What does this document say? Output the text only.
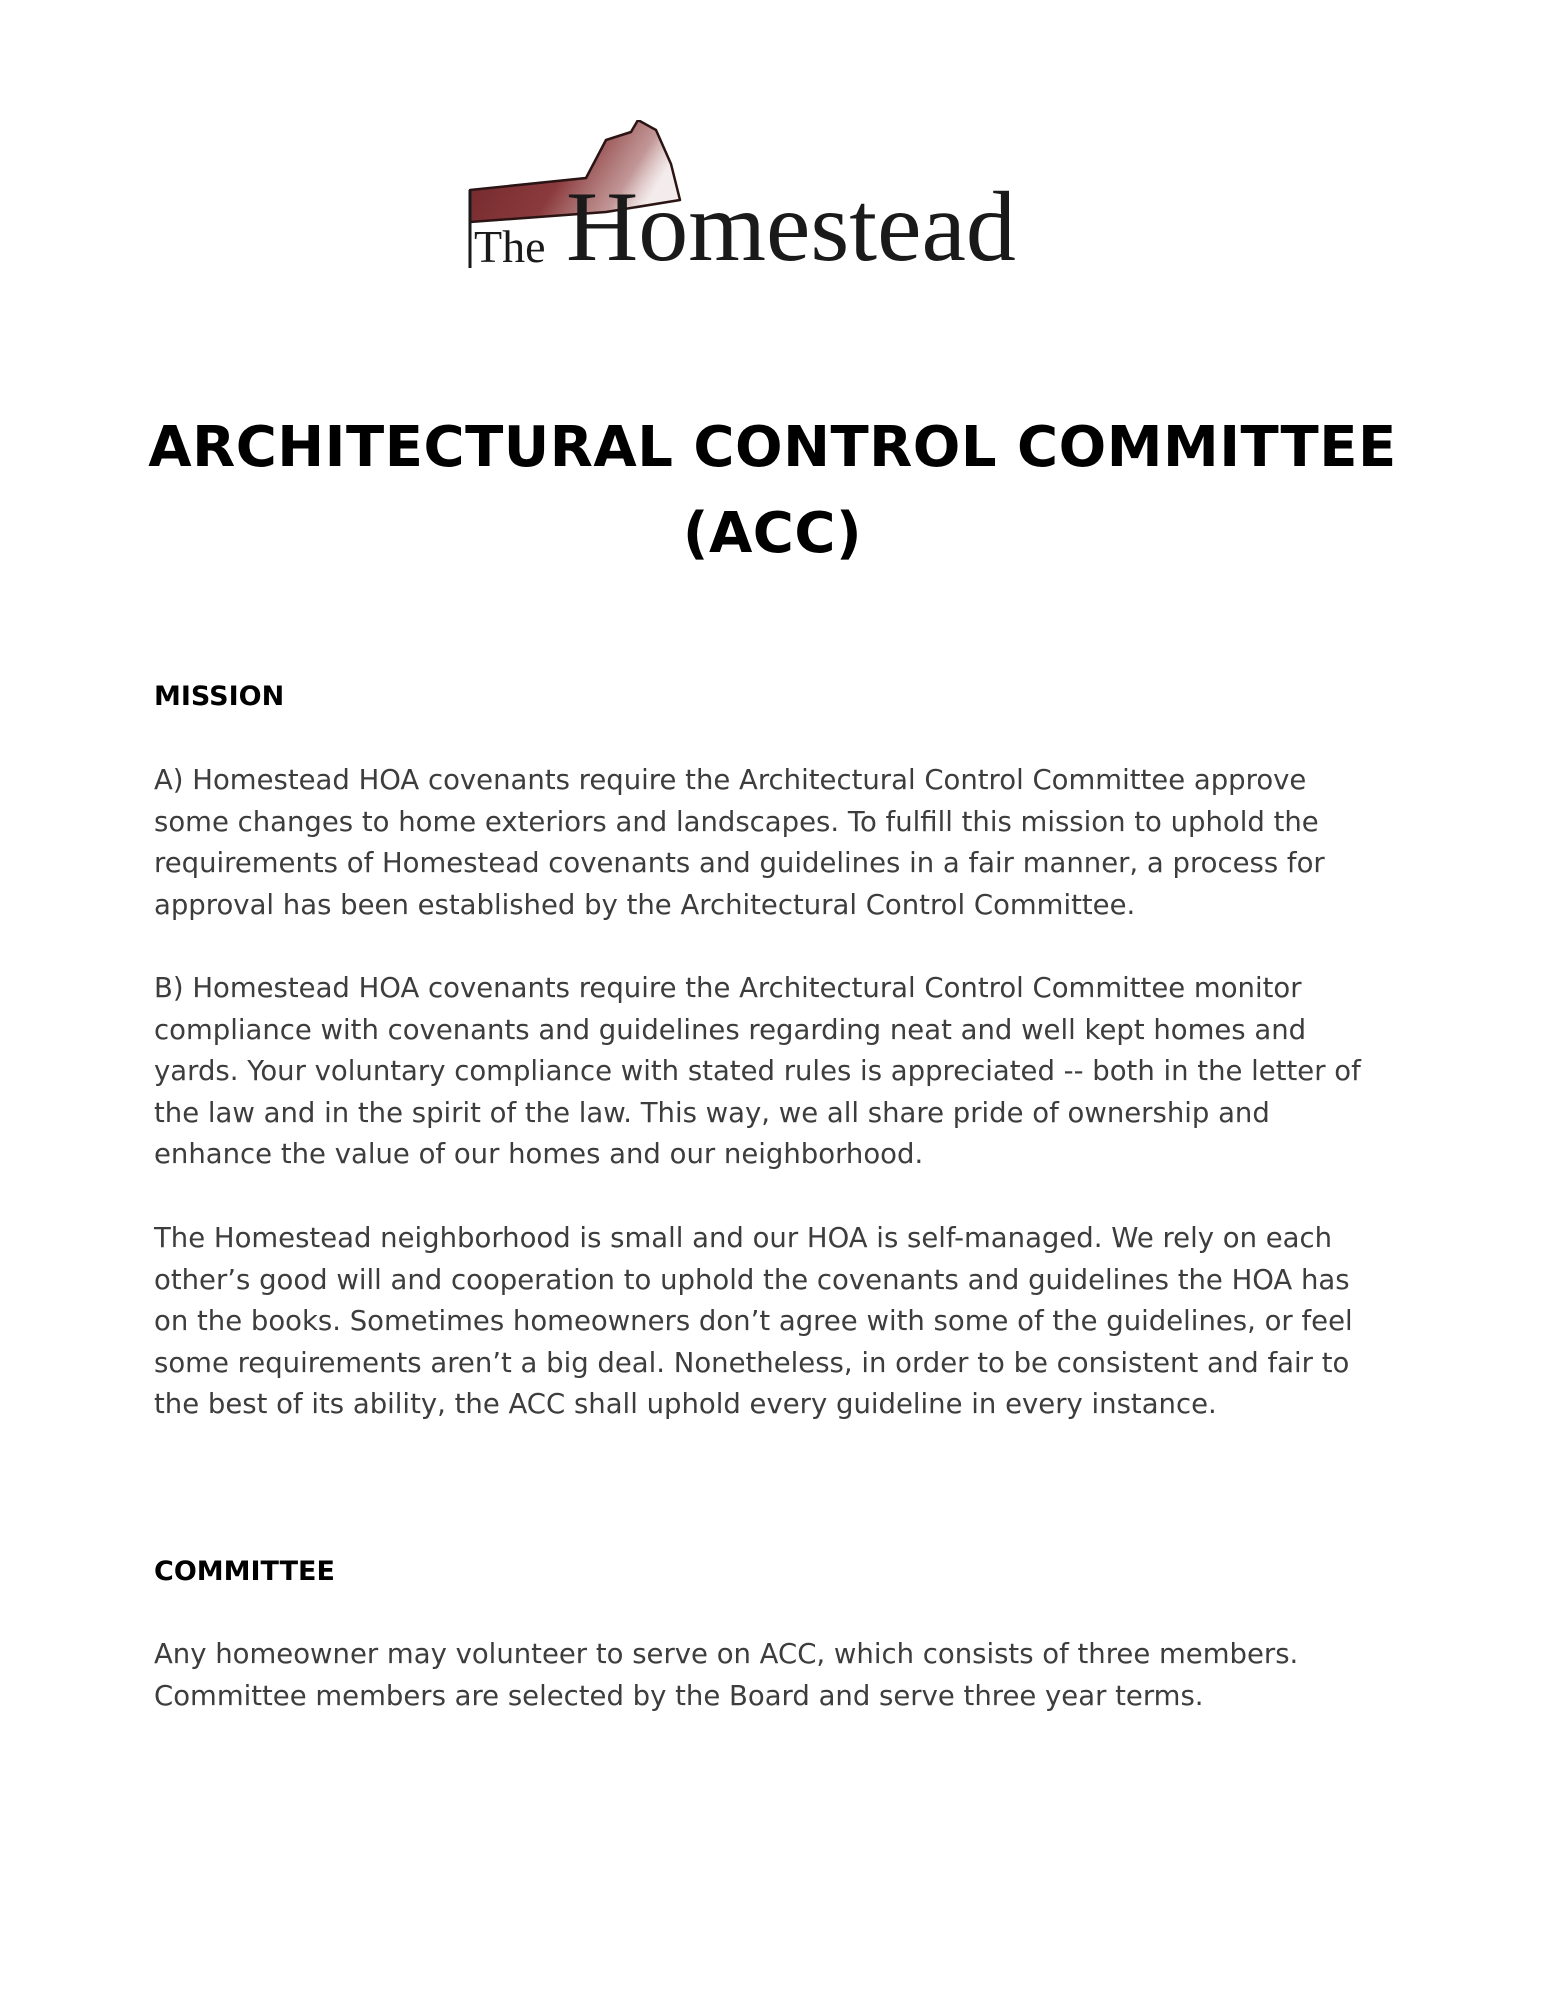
The Homestead
ARCHITECTURAL CONTROL COMMITTEE
(ACC)
MISSION

A) Homestead HOA covenants require the Architectural Control Committee approve
some changes to home exteriors and landscapes. To fulfill this mission to uphold the
requirements of Homestead covenants and guidelines in a fair manner, a process for
approval has been established by the Architectural Control Committee.

B) Homestead HOA covenants require the Architectural Control Committee monitor
compliance with covenants and guidelines regarding neat and well kept homes and
yards. Your voluntary compliance with stated rules is appreciated -- both in the letter of
the law and in the spirit of the law. This way, we all share pride of ownership and
enhance the value of our homes and our neighborhood.

The Homestead neighborhood is small and our HOA is self-managed. We rely on each
other’s good will and cooperation to uphold the covenants and guidelines the HOA has
on the books. Sometimes homeowners don’t agree with some of the guidelines, or feel
some requirements aren’t a big deal. Nonetheless, in order to be consistent and fair to
the best of its ability, the ACC shall uphold every guideline in every instance.

COMMITTEE

Any homeowner may volunteer to serve on ACC, which consists of three members.
Committee members are selected by the Board and serve three year terms.
